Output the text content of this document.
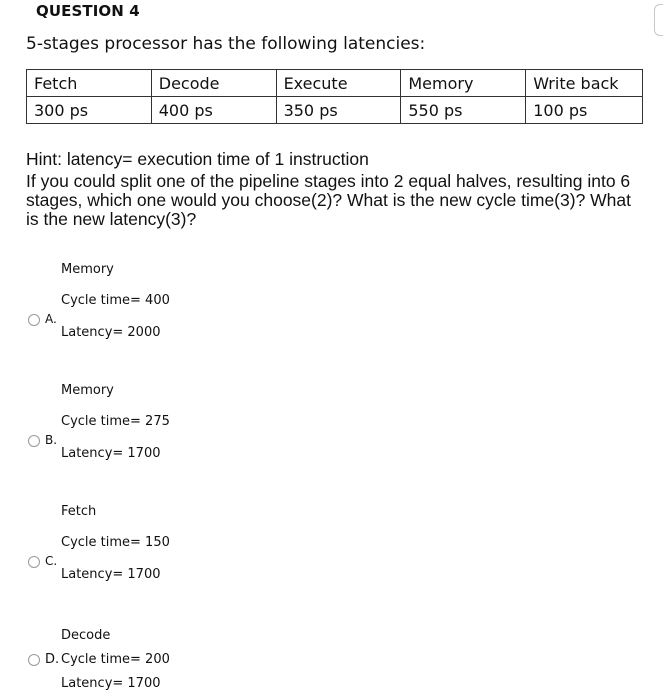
QUESTION 4
5-stages processor has the following latencies:
Fetch	Decode	Execute	Memory	Write back
300 ps	400 ps	350 ps	550 ps	100 ps
Hint: latency= execution time of 1 instruction
If you could split one of the pipeline stages into 2 equal halves, resulting into 6 stages, which one would you choose(2)? What is the new cycle time(3)? What is the new latency(3)?
Memory
Cycle time= 400
A.
Latency= 2000
Memory
Cycle time= 275
B.
Latency= 1700
Fetch
Cycle time= 150
C.
Latency= 1700
Decode
D. Cycle time= 200
Latency= 1700
